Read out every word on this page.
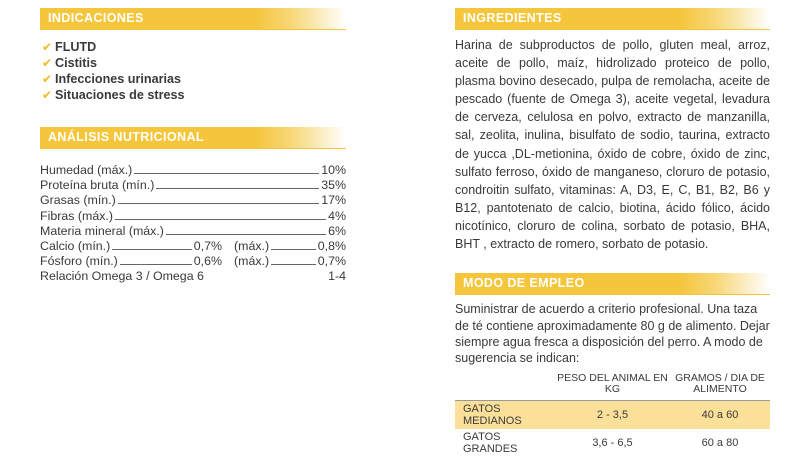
INDICACIONES
✔ FLUTD
✔ Cistitis
✔ Infecciones urinarias
✔ Situaciones de stress
ANÁLISIS NUTRICIONAL
Humedad (máx.)	10%
Proteína bruta (mín.)	35%
Grasas (mín.)	17%
Fibras (máx.)	4%
Materia mineral (máx.)	6%
Calcio (mín.)	0,7% (máx.)	0,8%
Fósforo (mín.)	0,6% (máx.)	0,7%
Relación Omega 3 / Omega 6	1-4
INGREDIENTES
Harina de subproductos de pollo, gluten meal, arroz, aceite de pollo, maíz, hidrolizado proteico de pollo, plasma bovino desecado, pulpa de remolacha, aceite de pescado (fuente de Omega 3), aceite vegetal, levadura de cerveza, celulosa en polvo, extracto de manzanilla, sal, zeolita, inulina, bisulfato de sodio, taurina, extracto de yucca ,DL-metionina, óxido de cobre, óxido de zinc, sulfato ferroso, óxido de manganeso, cloruro de potasio, condroitin sulfato, vitaminas: A, D3, E, C, B1, B2, B6 y B12, pantotenato de calcio, biotina, ácido fólico, ácido nicotínico, cloruro de colina, sorbato de potasio, BHA, BHT , extracto de romero, sorbato de potasio.
MODO DE EMPLEO
Suministrar de acuerdo a criterio profesional. Una taza de té contiene aproximadamente 80 g de alimento. Dejar siempre agua fresca a disposición del perro. A modo de sugerencia se indican:
	PESO DEL ANIMAL EN KG	GRAMOS / DIA DE ALIMENTO
GATOS MEDIANOS	2 - 3,5	40 a 60
GATOS GRANDES	3,6 - 6,5	60 a 80
